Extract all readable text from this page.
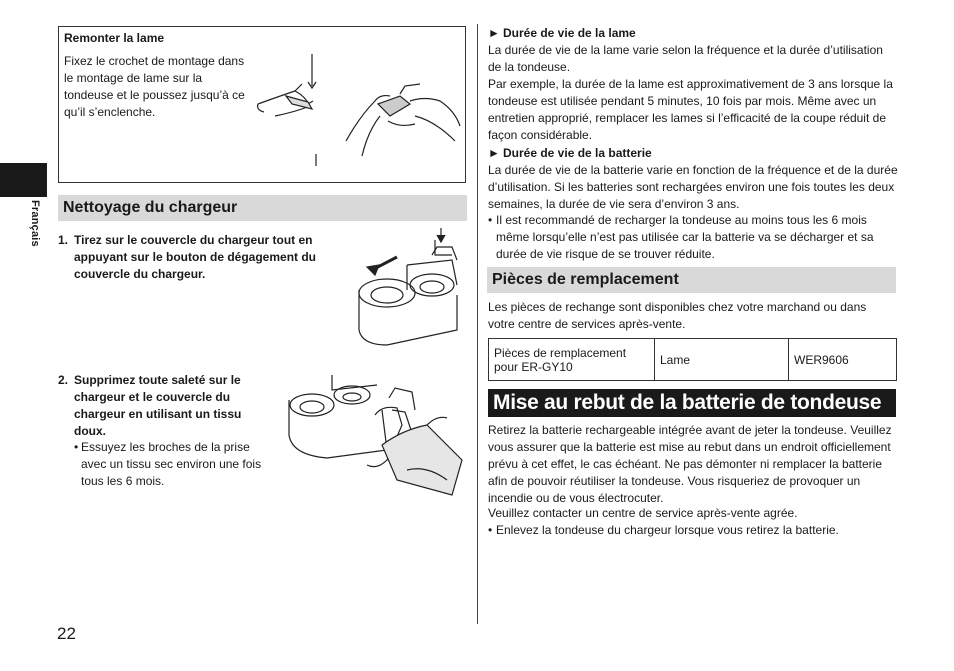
Français
Remonter la lame
Fixez le crochet de montage dans le montage de lame sur la tondeuse et le poussez jusqu’à ce qu’il s’enclenche.
Nettoyage du chargeur
1. Tirez sur le couvercle du chargeur tout en appuyant sur le bouton de dégagement du couvercle du chargeur.
2. Supprimez toute saleté sur le chargeur et le couvercle du chargeur en utilisant un tissu doux.
• Essuyez les broches de la prise avec un tissu sec environ une fois tous les 6 mois.
► Durée de vie de la lame
La durée de vie de la lame varie selon la fréquence et la durée d’utilisation de la tondeuse.
Par exemple, la durée de la lame est approximativement de 3 ans lorsque la tondeuse est utilisée pendant 5 minutes, 10 fois par mois. Même avec un entretien approprié, remplacer les lames si l’efficacité de la coupe réduit de façon considérable.
► Durée de vie de la batterie
La durée de vie de la batterie varie en fonction de la fréquence et de la durée d’utilisation. Si les batteries sont rechargées environ une fois toutes les deux semaines, la durée de vie sera d’environ 3 ans.
• Il est recommandé de recharger la tondeuse au moins tous les 6 mois même lorsqu’elle n’est pas utilisée car la batterie va se décharger et sa durée de vie risque de se trouver réduite.
Pièces de remplacement
Les pièces de rechange sont disponibles chez votre marchand ou dans votre centre de services après-vente.
Pièces de remplacement pour ER-GY10	Lame	WER9606
Mise au rebut de la batterie de tondeuse
Retirez la batterie rechargeable intégrée avant de jeter la tondeuse. Veuillez vous assurer que la batterie est mise au rebut dans un endroit officiellement prévu à cet effet, le cas échéant. Ne pas démonter ni remplacer la batterie afin de pouvoir réutiliser la tondeuse. Vous risqueriez de provoquer un incendie ou de vous électrocuter.
Veuillez contacter un centre de service après-vente agrée.
• Enlevez la tondeuse du chargeur lorsque vous retirez la batterie.
22
